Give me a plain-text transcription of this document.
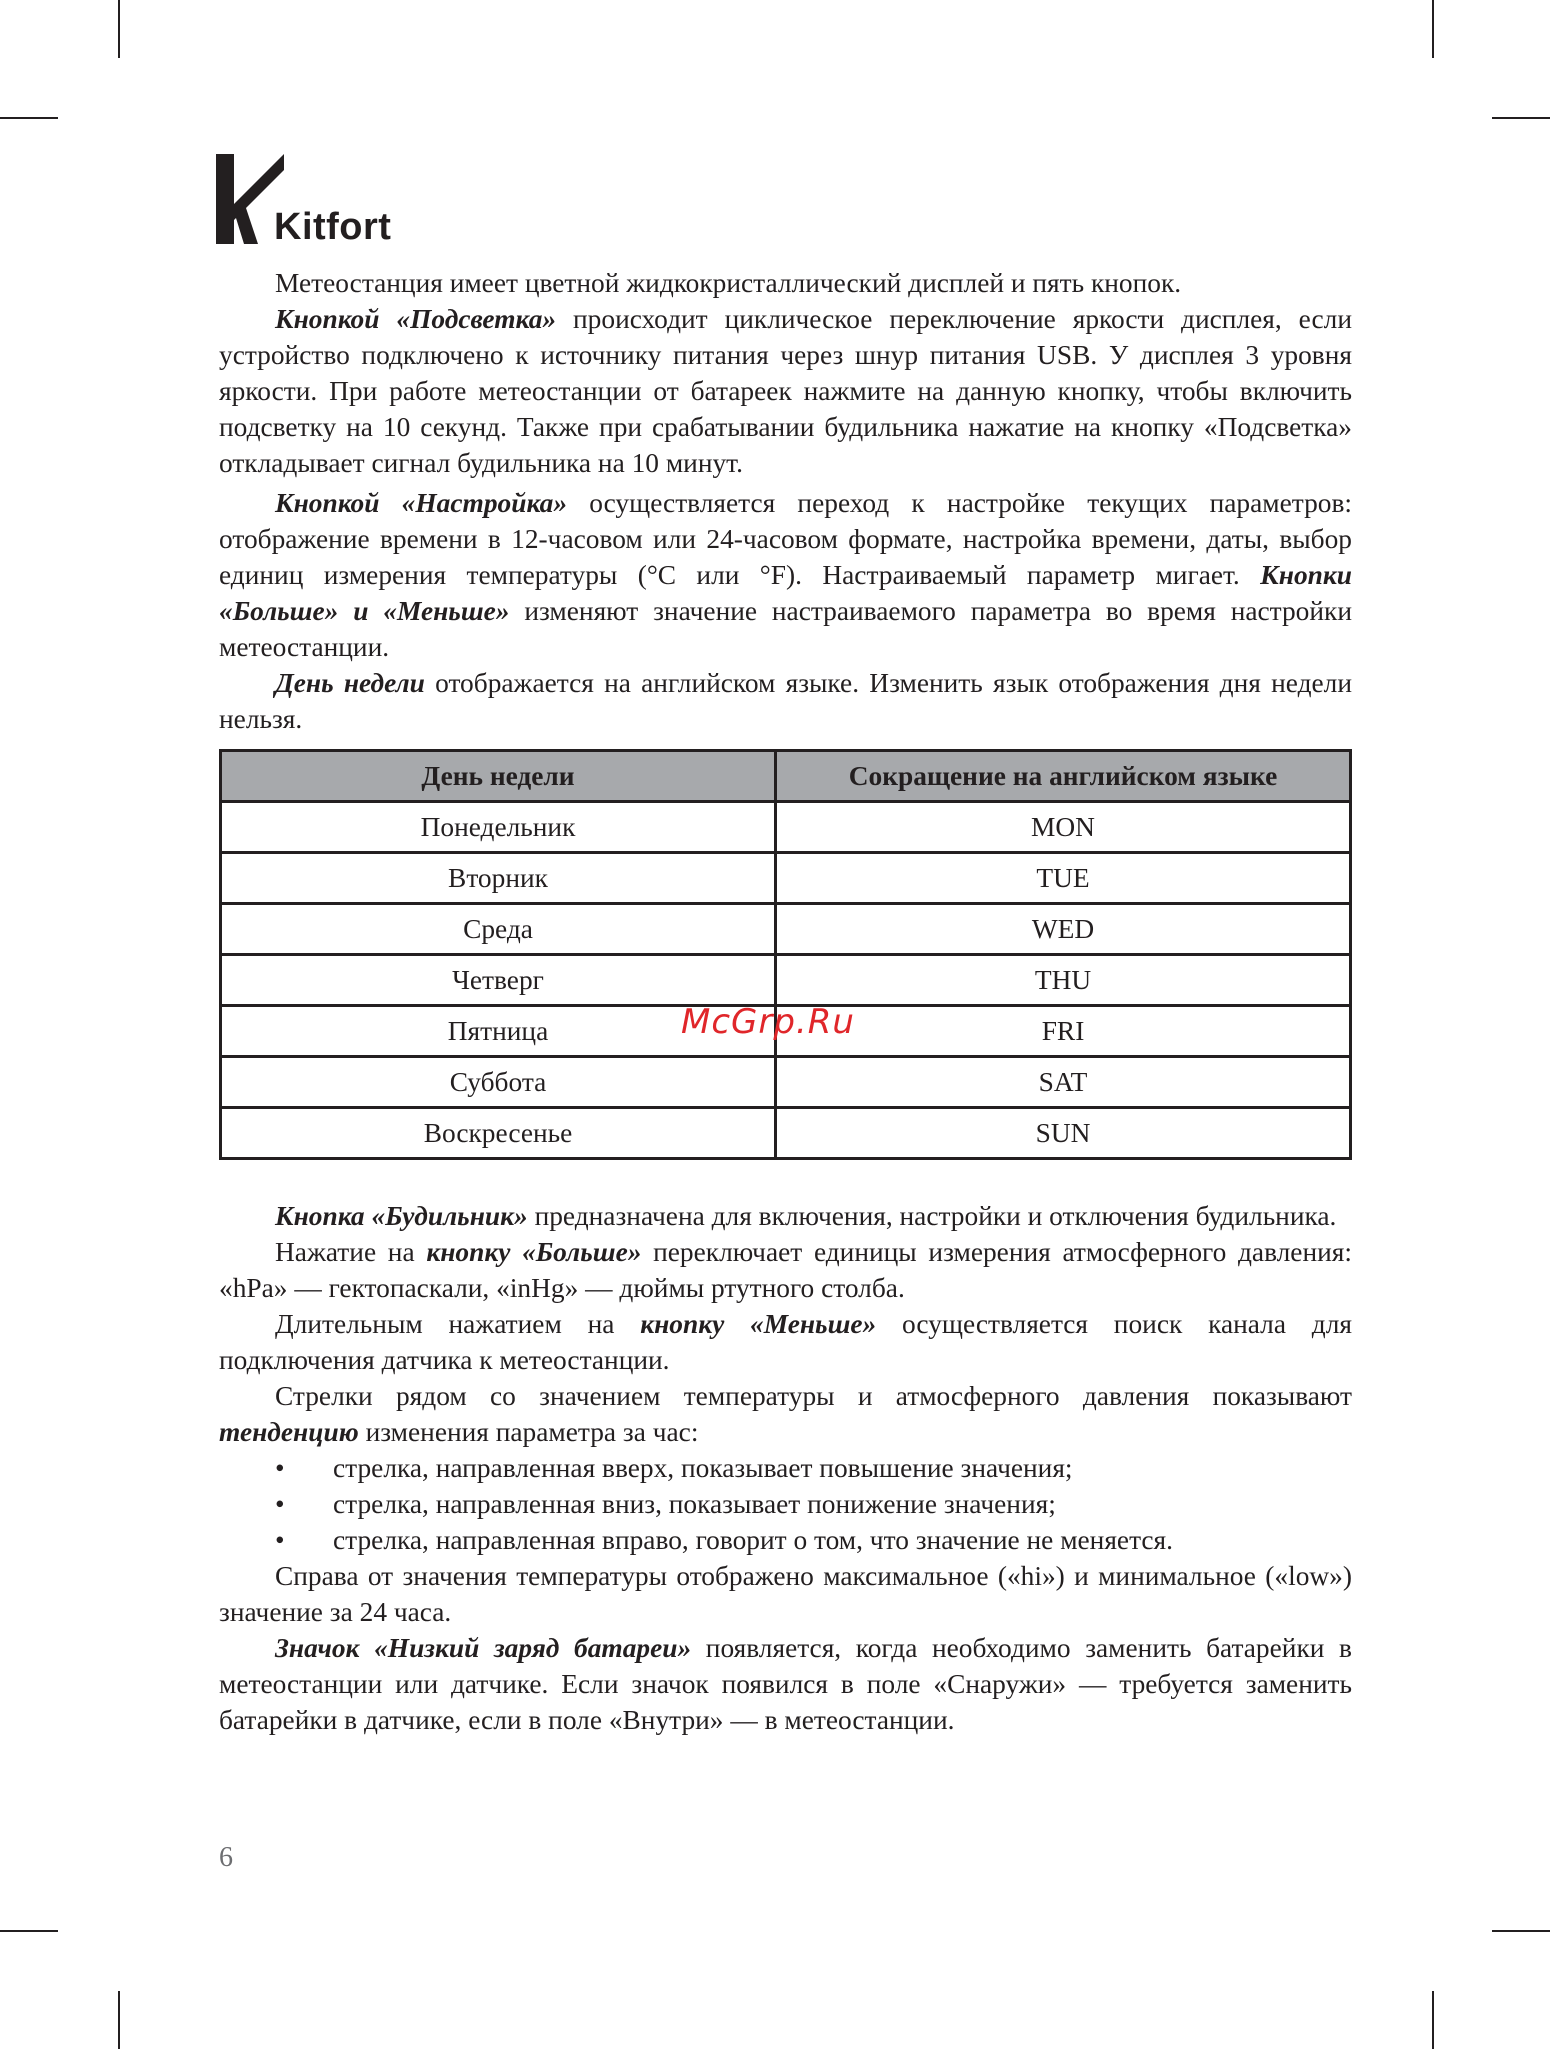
Kitfort

Метеостанция имеет цветной жидкокристаллический дисплей и пять кнопок.

Кнопкой «Подсветка» происходит циклическое переключение яркости дисплея, если устройство подключено к источнику питания через шнур питания USB. У дисплея 3 уровня яркости. При работе метеостанции от батареек нажмите на данную кнопку, чтобы включить подсветку на 10 секунд. Также при срабатывании будильника нажатие на кнопку «Подсветка» откладывает сигнал будильника на 10 минут.

Кнопкой «Настройка» осуществляется переход к настройке текущих параметров: отображение времени в 12-часовом или 24-часовом формате, настройка времени, даты, выбор единиц измерения температуры (°C или °F). Настраиваемый параметр мигает. Кнопки «Больше» и «Меньше» изменяют значение настраиваемого параметра во время настройки метеостанции.

День недели отображается на английском языке. Изменить язык отображения дня недели нельзя.

День недели	Сокращение на английском языке
Понедельник	MON
Вторник	TUE
Среда	WED
Четверг	THU
Пятница	FRI
Суббота	SAT
Воскресенье	SUN

Кнопка «Будильник» предназначена для включения, настройки и отключения будильника.

Нажатие на кнопку «Больше» переключает единицы измерения атмосферного давления: «hPa» — гектопаскали, «inHg» — дюймы ртутного столба.

Длительным нажатием на кнопку «Меньше» осуществляется поиск канала для подключения датчика к метеостанции.

Стрелки рядом со значением температуры и атмосферного давления показывают тенденцию изменения параметра за час:

• стрелка, направленная вверх, показывает повышение значения;
• стрелка, направленная вниз, показывает понижение значения;
• стрелка, направленная вправо, говорит о том, что значение не меняется.

Справа от значения температуры отображено максимальное («hi») и минимальное («low») значение за 24 часа.

Значок «Низкий заряд батареи» появляется, когда необходимо заменить батарейки в метеостанции или датчике. Если значок появился в поле «Снаружи» — требуется заменить батарейки в датчике, если в поле «Внутри» — в метеостанции.

McGrp.Ru
6
